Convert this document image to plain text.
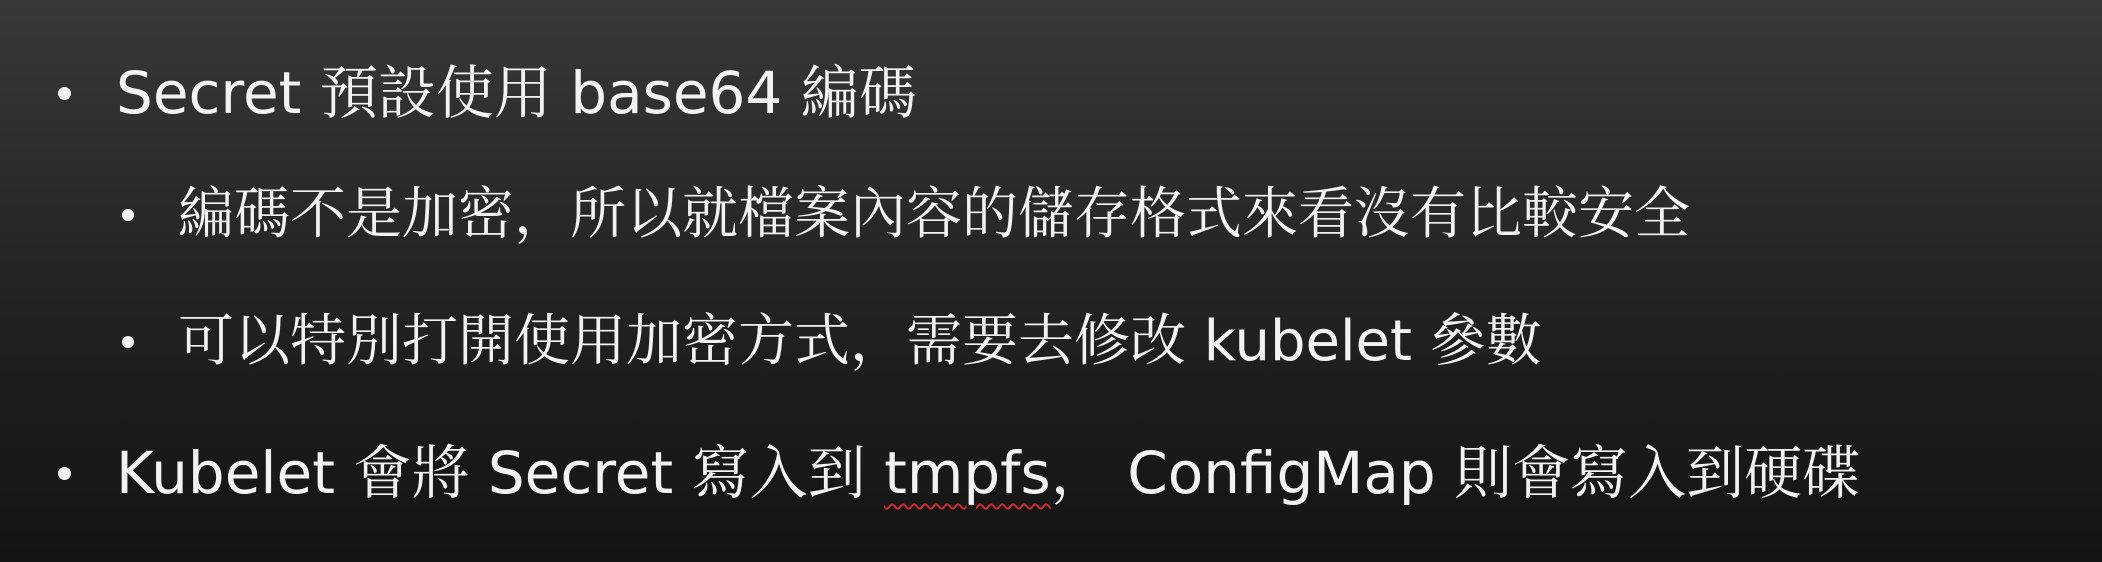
Secret 預設使用 base64 編碼
編碼不是加密，所以就檔案內容的儲存格式來看沒有比較安全
可以特別打開使用加密方式，需要去修改 kubelet 參數
Kubelet 會將 Secret 寫入到 tmpfs， ConfigMap 則會寫入到硬碟
